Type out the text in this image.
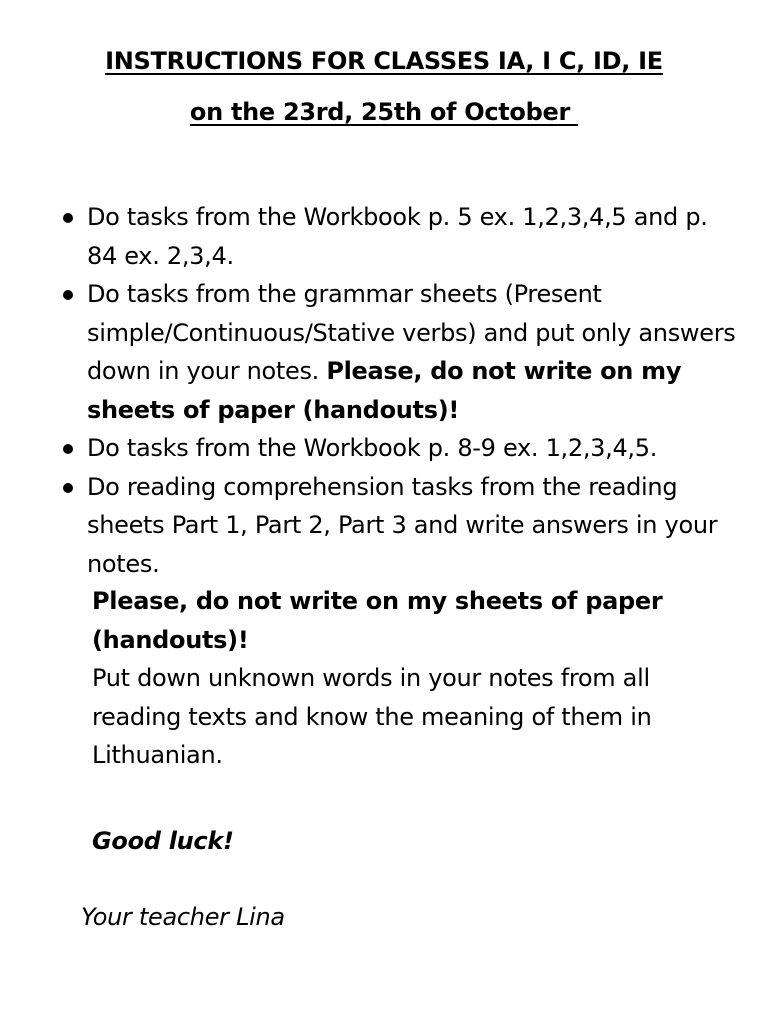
INSTRUCTIONS FOR CLASSES IA, I C, ID, IE
on the 23rd, 25th of October
Do tasks from the Workbook p. 5 ex. 1,2,3,4,5 and p. 84 ex. 2,3,4.
Do tasks from the grammar sheets (Present simple/Continuous/Stative verbs) and put only answers down in your notes. Please, do not write on my sheets of paper (handouts)!
Do tasks from the Workbook p. 8-9 ex. 1,2,3,4,5.
Do reading comprehension tasks from the reading sheets Part 1, Part 2, Part 3 and write answers in your notes.
Please, do not write on my sheets of paper (handouts)!
Put down unknown words in your notes from all reading texts and know the meaning of them in Lithuanian.
Good luck!
Your teacher Lina
